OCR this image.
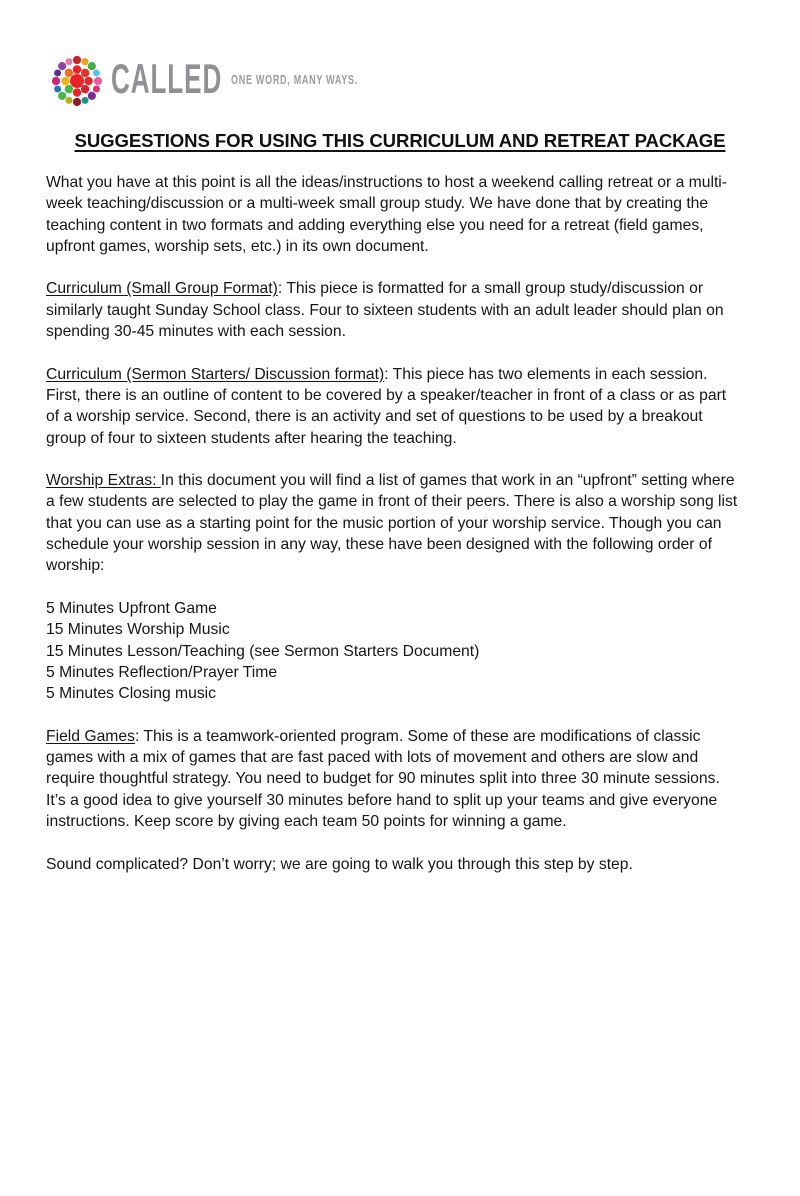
CALLED ONE WORD, MANY WAYS.
SUGGESTIONS FOR USING THIS CURRICULUM AND RETREAT PACKAGE

What you have at this point is all the ideas/instructions to host a weekend calling retreat or a multi-week teaching/discussion or a multi-week small group study. We have done that by creating the teaching content in two formats and adding everything else you need for a retreat (field games, upfront games, worship sets, etc.) in its own document.

Curriculum (Small Group Format): This piece is formatted for a small group study/​discussion or similarly taught Sunday School class. Four to sixteen students with an adult leader should plan on spending 30-45 minutes with each session.

Curriculum (Sermon Starters/ Discussion format): This piece has two elements in each session. First, there is an outline of content to be covered by a speaker/teacher in front of a class or as part of a worship service. Second, there is an activity and set of questions to be used by a breakout group of four to sixteen students after hearing the teaching.

Worship Extras: In this document you will find a list of games that work in an “upfront” setting where a few students are selected to play the game in front of their peers. There is also a worship song list that you can use as a starting point for the music portion of your worship service. Though you can schedule your worship session in any way, these have been designed with the following order of worship:

5 Minutes Upfront Game
15 Minutes Worship Music
15 Minutes Lesson/Teaching (see Sermon Starters Document)
5 Minutes Reflection/Prayer Time
5 Minutes Closing music

Field Games: This is a teamwork-oriented program. Some of these are modifications of classic games with a mix of games that are fast paced with lots of movement and others are slow and require thoughtful strategy. You need to budget for 90 minutes split into three 30 minute sessions. It’s a good idea to give yourself 30 minutes before hand to split up your teams and give everyone instructions. Keep score by giving each team 50 points for winning a game.

Sound complicated? Don’t worry; we are going to walk you through this step by step.
